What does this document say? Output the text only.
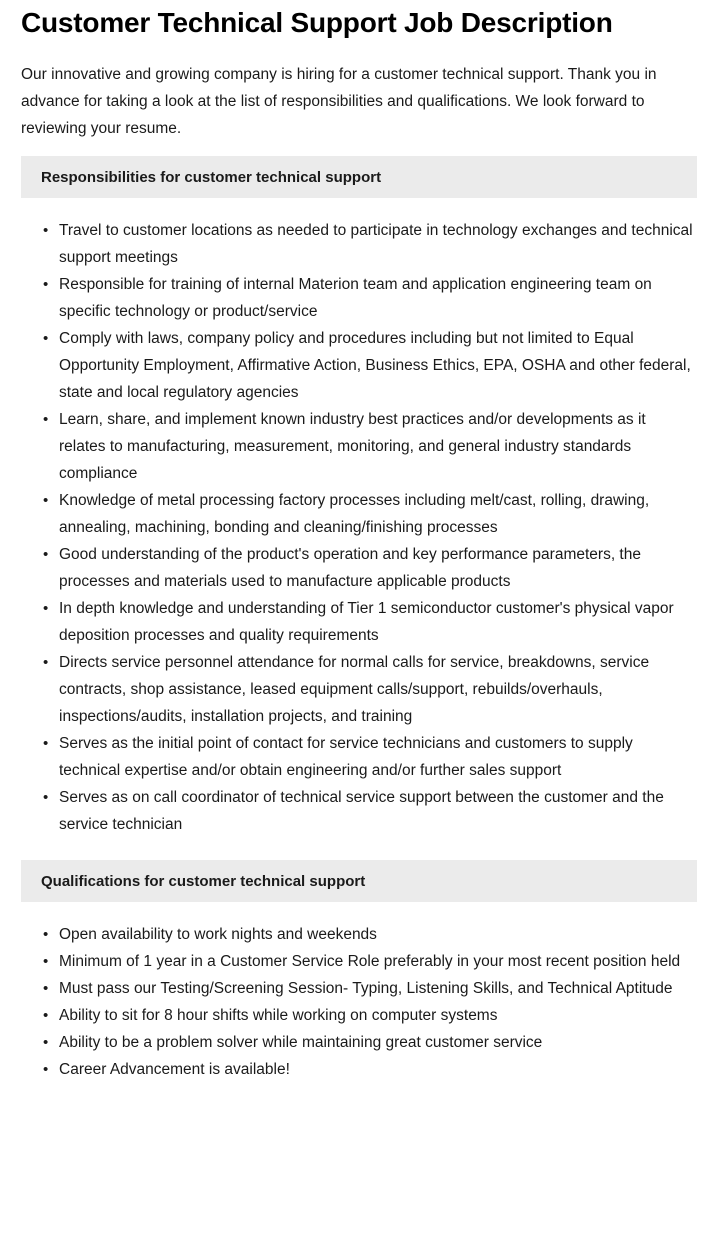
Customer Technical Support Job Description

Our innovative and growing company is hiring for a customer technical support. Thank you in advance for taking a look at the list of responsibilities and qualifications. We look forward to reviewing your resume.

Responsibilities for customer technical support
• Travel to customer locations as needed to participate in technology exchanges and technical support meetings
• Responsible for training of internal Materion team and application engineering team on specific technology or product/service
• Comply with laws, company policy and procedures including but not limited to Equal Opportunity Employment, Affirmative Action, Business Ethics, EPA, OSHA and other federal, state and local regulatory agencies
• Learn, share, and implement known industry best practices and/or developments as it relates to manufacturing, measurement, monitoring, and general industry standards compliance
• Knowledge of metal processing factory processes including melt/cast, rolling, drawing, annealing, machining, bonding and cleaning/finishing processes
• Good understanding of the product's operation and key performance parameters, the processes and materials used to manufacture applicable products
• In depth knowledge and understanding of Tier 1 semiconductor customer's physical vapor deposition processes and quality requirements
• Directs service personnel attendance for normal calls for service, breakdowns, service contracts, shop assistance, leased equipment calls/support, rebuilds/overhauls, inspections/audits, installation projects, and training
• Serves as the initial point of contact for service technicians and customers to supply technical expertise and/or obtain engineering and/or further sales support
• Serves as on call coordinator of technical service support between the customer and the service technician
Qualifications for customer technical support
• Open availability to work nights and weekends
• Minimum of 1 year in a Customer Service Role preferably in your most recent position held
• Must pass our Testing/Screening Session- Typing, Listening Skills, and Technical Aptitude
• Ability to sit for 8 hour shifts while working on computer systems
• Ability to be a problem solver while maintaining great customer service
• Career Advancement is available!
